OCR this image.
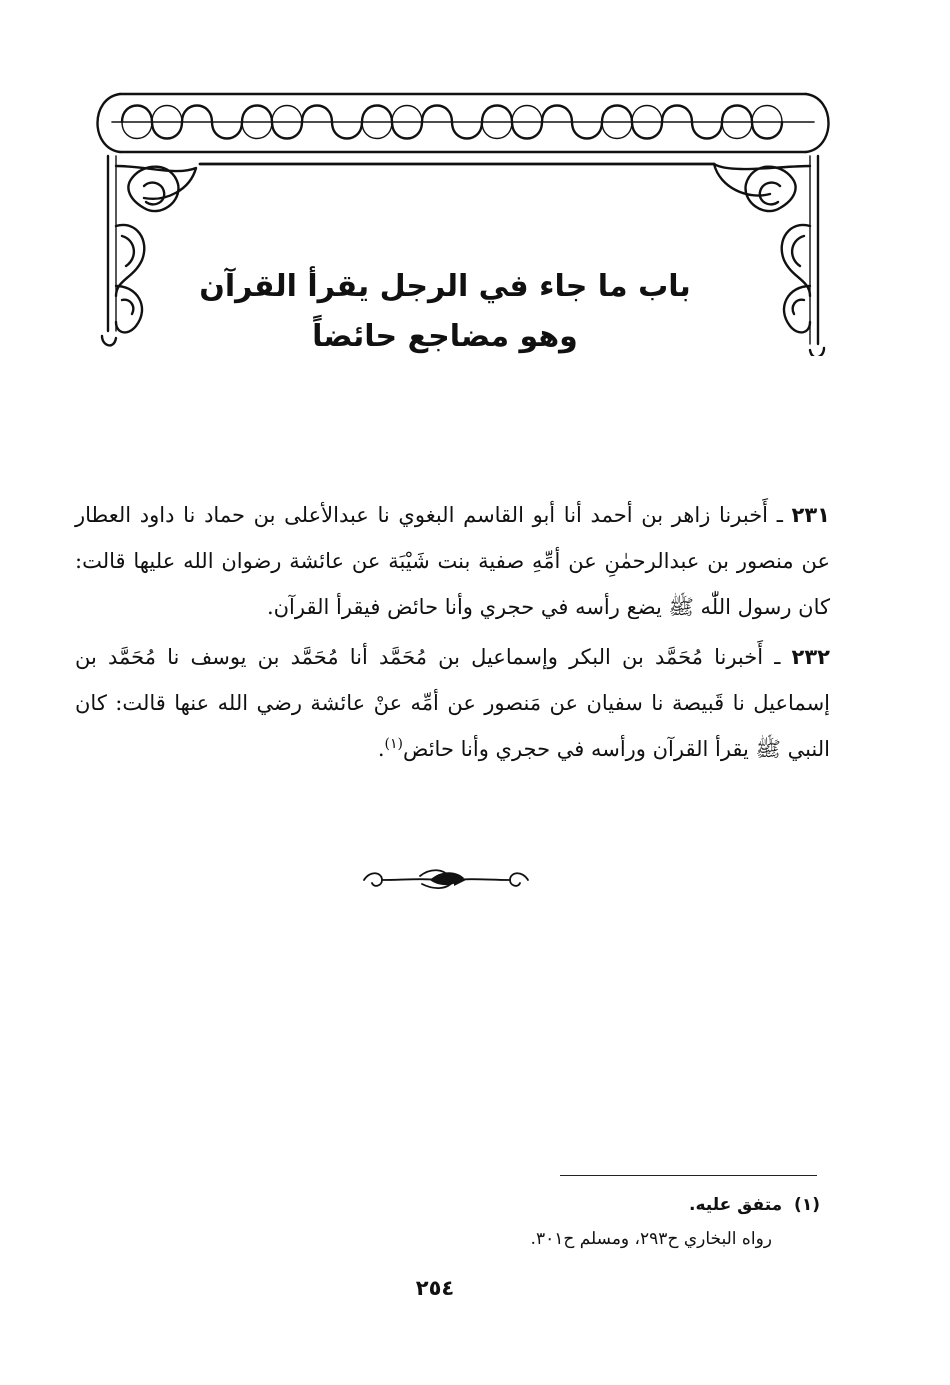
باب ما جاء في الرجل يقرأ القرآن

وهو مضاجع حائضاً

٢٣١ ـ أَخبرنا زاهر بن أحمد أنا أبو القاسم البغوي نا عبدالأعلى بن حماد نا داود العطار عن منصور بن عبدالرحمٰنِ عن أمِّهِ صفية بنت شَيْبَة عن عائشة رضوان الله عليها قالت: كان رسول اللّٰه ﷺ يضع رأسه في حجري وأنا حائض فيقرأ القرآن.

٢٣٢ ـ أَخبرنا مُحَمَّد بن البكر وإسماعيل بن مُحَمَّد أنا مُحَمَّد بن يوسف نا مُحَمَّد بن إسماعيل نا قَبيصة نا سفيان عن مَنصور عن أمِّه عنْ عائشة رضي الله عنها قالت: كان النبي ﷺ يقرأ القرآن ورأسه في حجري وأنا حائض$^{(١)}$.

(١)  متفق عليه.

رواه البخاري ح٢٩٣، ومسلم ح٣٠١.

٢٥٤
